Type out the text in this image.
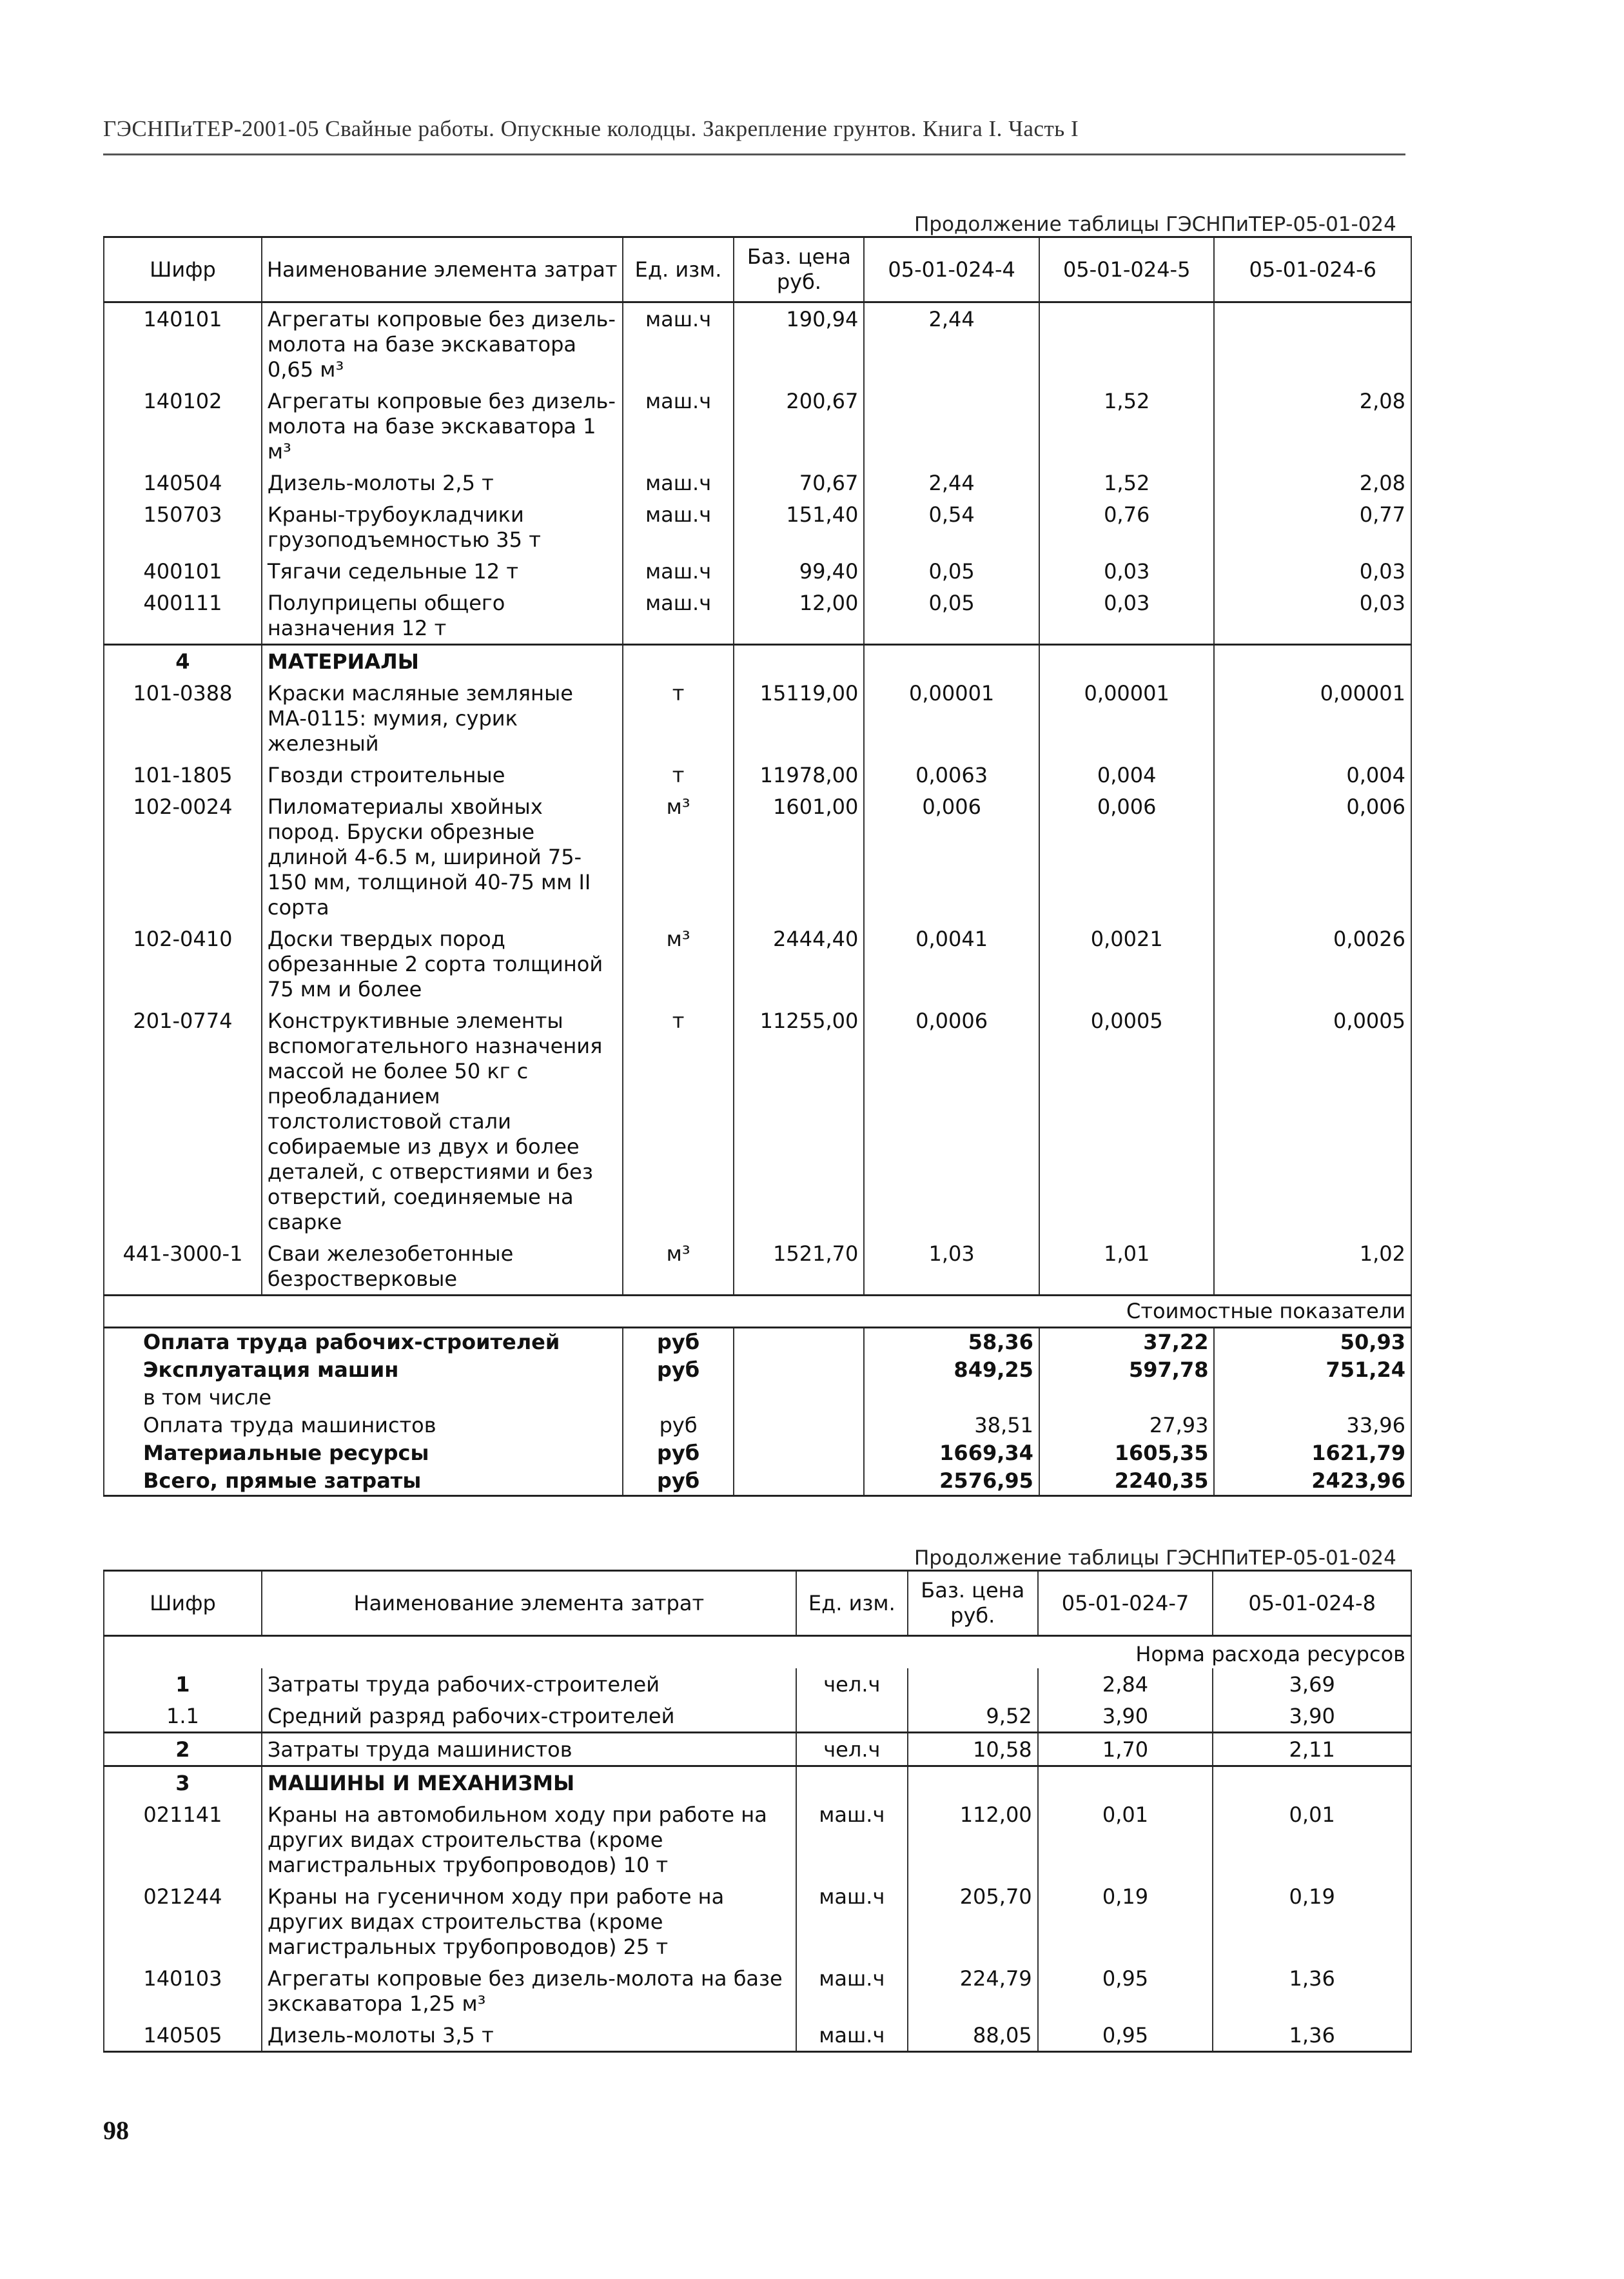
ГЭСНПиТЕР-2001-05 Свайные работы. Опускные колодцы. Закрепление грунтов. Книга I. Часть I
Продолжение таблицы ГЭСНПиТЕР-05-01-024
Шифр	Наименование элемента затрат	Ед. изм.	Баз. цена руб.	05-01-024-4	05-01-024-5	05-01-024-6
140101	Агрегаты копровые без дизель-молота на базе экскаватора 0,65 м³	маш.ч	190,94	2,44		
140102	Агрегаты копровые без дизель-молота на базе экскаватора 1 м³	маш.ч	200,67		1,52	2,08
140504	Дизель-молоты 2,5 т	маш.ч	70,67	2,44	1,52	2,08
150703	Краны-трубоукладчики грузоподъемностью 35 т	маш.ч	151,40	0,54	0,76	0,77
400101	Тягачи седельные 12 т	маш.ч	99,40	0,05	0,03	0,03
400111	Полуприцепы общего назначения 12 т	маш.ч	12,00	0,05	0,03	0,03
4	МАТЕРИАЛЫ					
101-0388	Краски масляные земляные МА-0115: мумия, сурик железный	т	15119,00	0,00001	0,00001	0,00001
101-1805	Гвозди строительные	т	11978,00	0,0063	0,004	0,004
102-0024	Пиломатериалы хвойных пород. Бруски обрезные длиной 4-6.5 м, шириной 75-150 мм, толщиной 40-75 мм II сорта	м³	1601,00	0,006	0,006	0,006
102-0410	Доски твердых пород обрезанные 2 сорта толщиной 75 мм и более	м³	2444,40	0,0041	0,0021	0,0026
201-0774	Конструктивные элементы вспомогательного назначения массой не более 50 кг с преобладанием толстолистовой стали собираемые из двух и более деталей, с отверстиями и без отверстий, соединяемые на сварке	т	11255,00	0,0006	0,0005	0,0005
441-3000-1	Сваи железобетонные безростверковые	м³	1521,70	1,03	1,01	1,02
Стоимостные показатели						
Оплата труда рабочих-строителей		руб		58,36	37,22	50,93
Эксплуатация машин		руб		849,25	597,78	751,24
в том числе						
Оплата труда машинистов		руб		38,51	27,93	33,96
Материальные ресурсы		руб		1669,34	1605,35	1621,79
Всего, прямые затраты		руб		2576,95	2240,35	2423,96
Продолжение таблицы ГЭСНПиТЕР-05-01-024
Шифр	Наименование элемента затрат	Ед. изм.	Баз. цена руб.	05-01-024-7	05-01-024-8
Норма расхода ресурсов					
1	Затраты труда рабочих-строителей	чел.ч		2,84	3,69
1.1	Средний разряд рабочих-строителей		9,52	3,90	3,90
2	Затраты труда машинистов	чел.ч	10,58	1,70	2,11
3	МАШИНЫ И МЕХАНИЗМЫ				
021141	Краны на автомобильном ходу при работе на других видах строительства (кроме магистральных трубопроводов) 10 т	маш.ч	112,00	0,01	0,01
021244	Краны на гусеничном ходу при работе на других видах строительства (кроме магистральных трубопроводов) 25 т	маш.ч	205,70	0,19	0,19
140103	Агрегаты копровые без дизель-молота на базе экскаватора 1,25 м³	маш.ч	224,79	0,95	1,36
140505	Дизель-молоты 3,5 т	маш.ч	88,05	0,95	1,36
98
